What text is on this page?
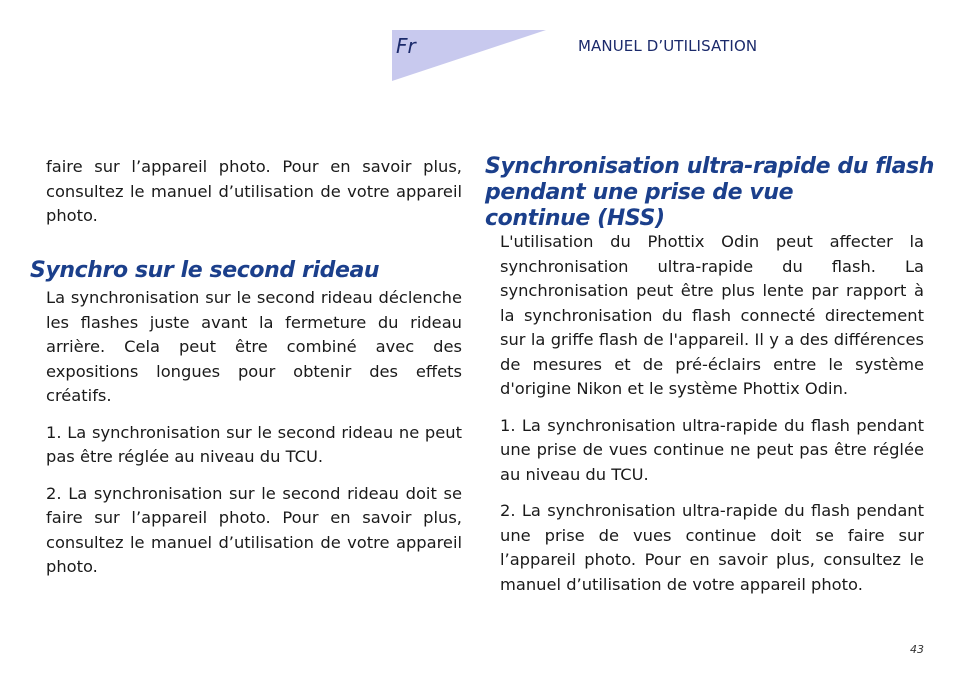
Fr	MANUEL D’UTILISATION

faire sur l’appareil photo. Pour en savoir plus, consultez le manuel d’utilisation de votre appareil photo.

Synchro sur le second rideau

La synchronisation sur le second rideau déclenche les flashes juste avant la fermeture du rideau arrière. Cela peut être combiné avec des expositions longues pour obtenir des effets créatifs.

1. La synchronisation sur le second rideau ne peut pas être réglée au niveau du TCU.

2. La synchronisation sur le second rideau doit se faire sur l’appareil photo. Pour en savoir plus, consultez le manuel d’utilisation de votre appareil photo.

Synchronisation ultra-rapide du flash
pendant une prise de vue
continue (HSS)

L'utilisation du Phottix Odin peut affecter la synchronisation ultra-rapide du flash. La synchronisation peut être plus lente par rapport à la synchronisation du flash connecté directement sur la griffe flash de l'appareil. Il y a des différences de mesures et de pré-éclairs entre le système d'origine Nikon et le système Phottix Odin.

1. La synchronisation ultra-rapide du flash pendant une prise de vues continue ne peut pas être réglée au niveau du TCU.

2. La synchronisation ultra-rapide du flash pendant une prise de vues continue doit se faire sur l’appareil photo. Pour en savoir plus, consultez le manuel d’utilisation de votre appareil photo.

43
